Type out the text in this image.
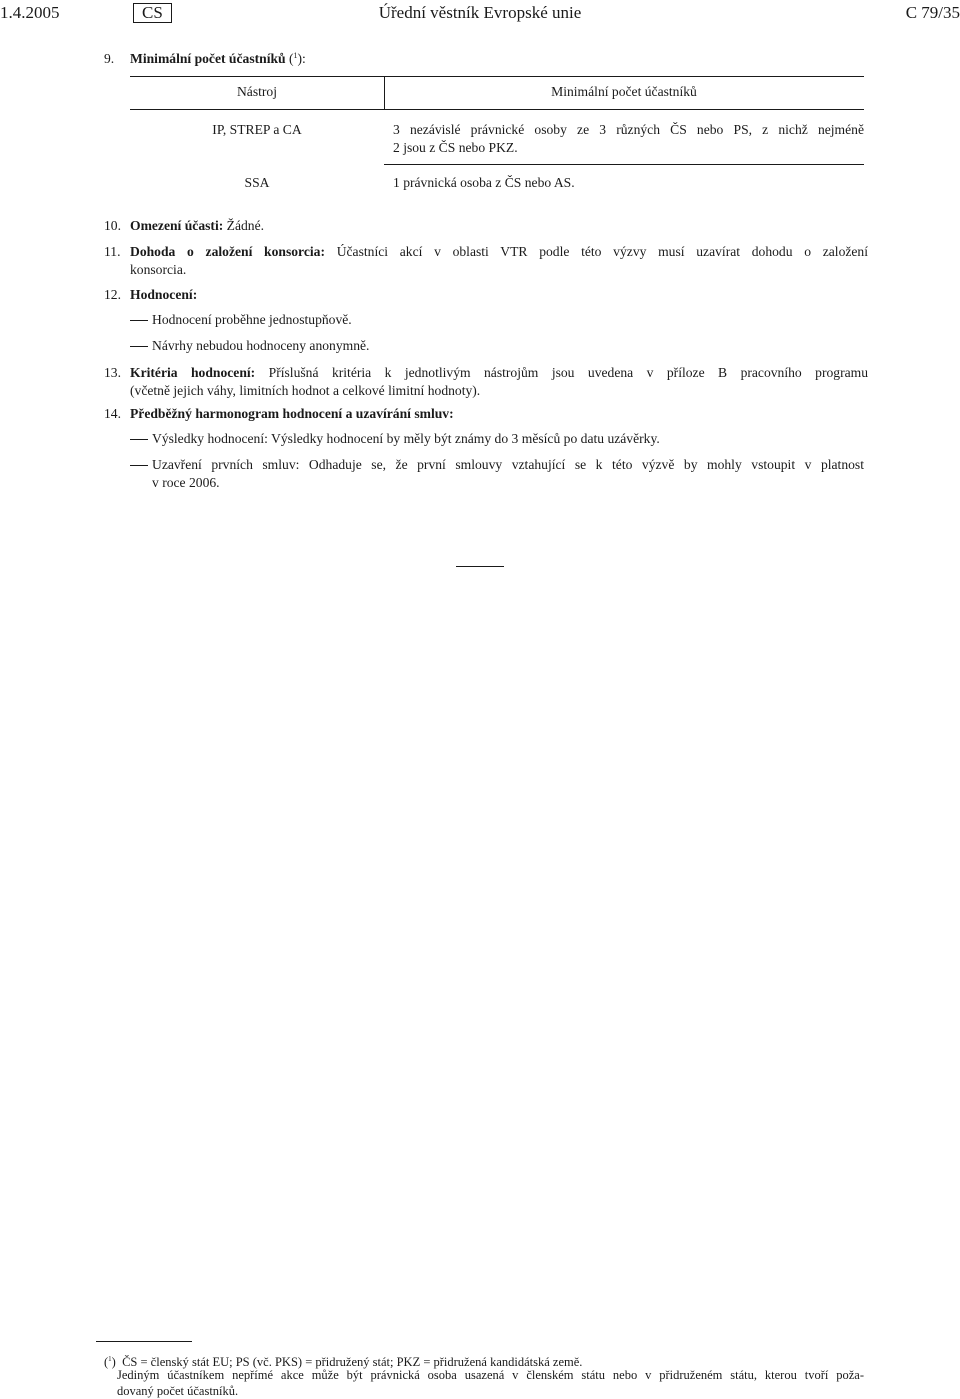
1.4.2005	CS	Úřední věstník Evropské unie	C 79/35
9. Minimální počet účastníků ($^1$):
Nástroj	Minimální počet účastníků
IP, STREP a CA	3 nezávislé právnické osoby ze 3 různých ČS nebo PS, z nichž nejméně
2 jsou z ČS nebo PKZ.
SSA	1 právnická osoba z ČS nebo AS.
10. Omezení účasti: Žádné.
11. Dohoda o založení konsorcia: Účastníci akcí v oblasti VTR podle této výzvy musí uzavírat dohodu o založení
konsorcia.
12. Hodnocení:
Hodnocení proběhne jednostupňově.
Návrhy nebudou hodnoceny anonymně.
13. Kritéria hodnocení: Příslušná kritéria k jednotlivým nástrojům jsou uvedena v příloze B pracovního programu
(včetně jejich váhy, limitních hodnot a celkové limitní hodnoty).
14. Předběžný harmonogram hodnocení a uzavírání smluv:
Výsledky hodnocení: Výsledky hodnocení by měly být známy do 3 měsíců po datu uzávěrky.
Uzavření prvních smluv: Odhaduje se, že první smlouvy vztahující se k této výzvě by mohly vstoupit v platnost
v roce 2006.
($^1$) ČS = členský stát EU; PS (vč. PKS) = přidružený stát; PKZ = přidružená kandidátská země.
Jediným účastníkem nepřímé akce může být právnická osoba usazená v členském státu nebo v přidruženém státu, kterou tvoří poža-
dovaný počet účastníků.
